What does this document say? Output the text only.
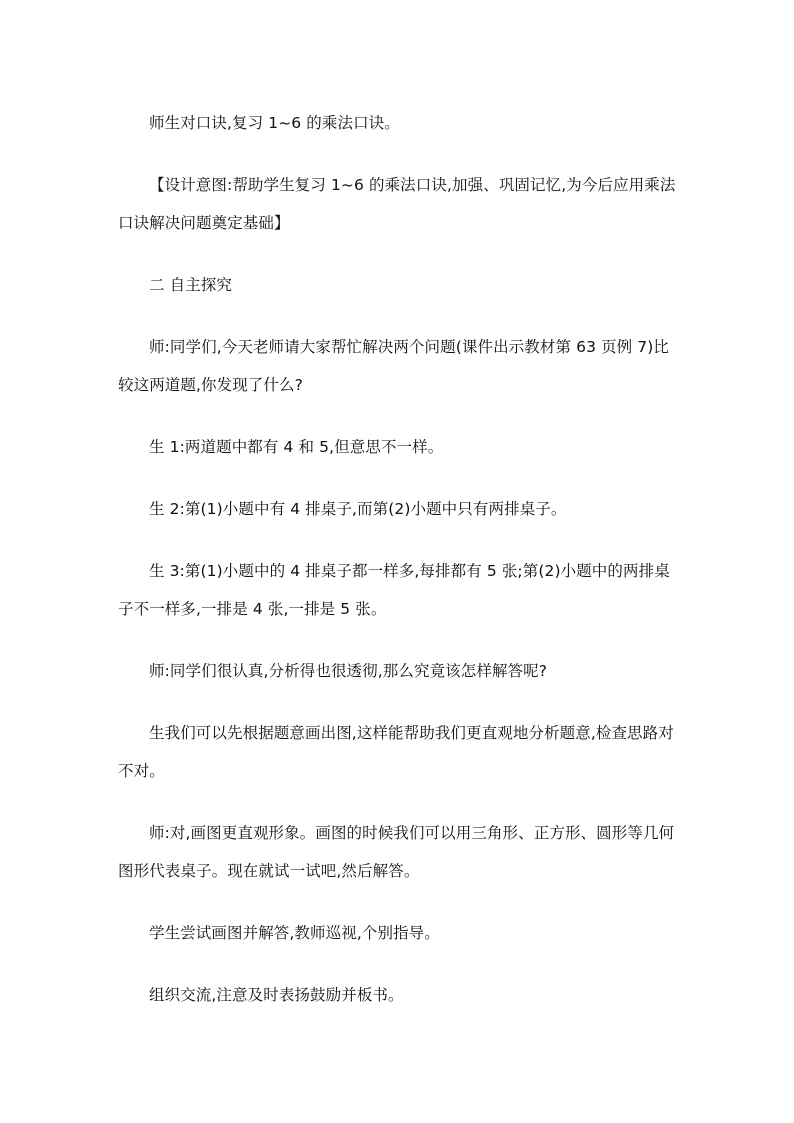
师生对口诀,复习 1~6 的乘法口诀。

【设计意图:帮助学生复习 1~6 的乘法口诀,加强、巩固记忆,为今后应用乘法口诀解决问题奠定基础】

二 自主探究

师:同学们,今天老师请大家帮忙解决两个问题(课件出示教材第 63 页例 7)比较这两道题,你发现了什么?

生 1:两道题中都有 4 和 5,但意思不一样。

生 2:第(1)小题中有 4 排桌子,而第(2)小题中只有两排桌子。

生 3:第(1)小题中的 4 排桌子都一样多,每排都有 5 张;第(2)小题中的两排桌子不一样多,一排是 4 张,一排是 5 张。

师:同学们很认真,分析得也很透彻,那么究竟该怎样解答呢?

生我们可以先根据题意画出图,这样能帮助我们更直观地分析题意,检查思路对不对。

师:对,画图更直观形象。画图的时候我们可以用三角形、正方形、圆形等几何图形代表桌子。现在就试一试吧,然后解答。

学生尝试画图并解答,教师巡视,个别指导。

组织交流,注意及时表扬鼓励并板书。
